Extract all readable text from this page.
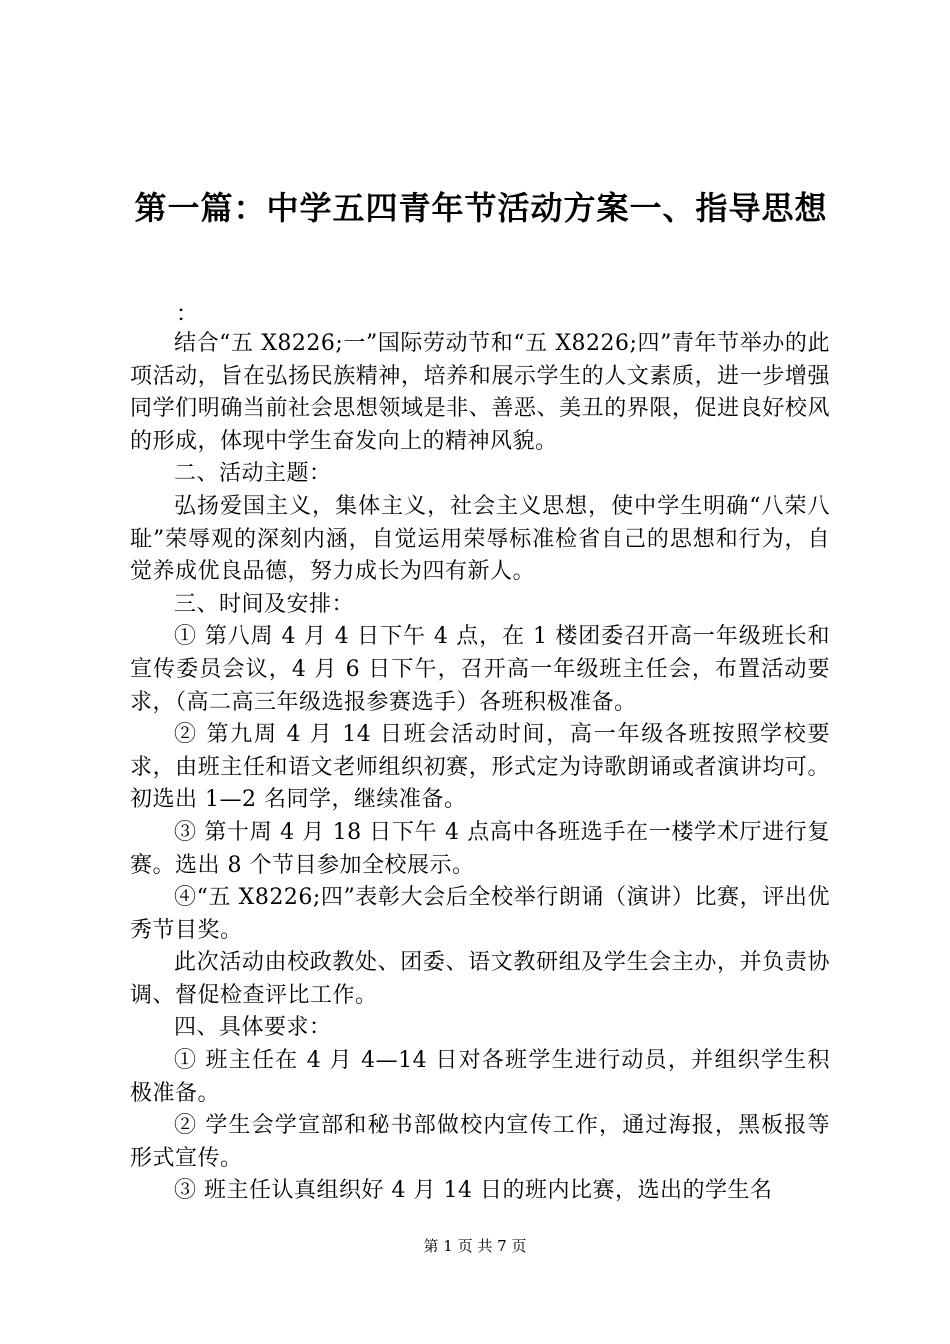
第一篇：中学五四青年节活动方案一、指导思想

：

结合“五 X8226;一”国际劳动节和“五 X8226;四”青年节举办的此项活动，旨在弘扬民族精神，培养和展示学生的人文素质，进一步增强同学们明确当前社会思想领域是非、善恶、美丑的界限，促进良好校风的形成，体现中学生奋发向上的精神风貌。

二、活动主题：

弘扬爱国主义，集体主义，社会主义思想，使中学生明确“八荣八耻”荣辱观的深刻内涵，自觉运用荣辱标准检省自己的思想和行为，自觉养成优良品德，努力成长为四有新人。

三、时间及安排：

① 第八周 4 月 4 日下午 4 点，在 1 楼团委召开高一年级班长和宣传委员会议，4 月 6 日下午，召开高一年级班主任会，布置活动要求，（高二高三年级选报参赛选手）各班积极准备。

② 第九周 4 月 14 日班会活动时间，高一年级各班按照学校要求，由班主任和语文老师组织初赛，形式定为诗歌朗诵或者演讲均可。初选出 1—2 名同学，继续准备。

③ 第十周 4 月 18 日下午 4 点高中各班选手在一楼学术厅进行复赛。选出 8 个节目参加全校展示。

④“五 X8226;四”表彰大会后全校举行朗诵（演讲）比赛，评出优秀节目奖。

此次活动由校政教处、团委、语文教研组及学生会主办，并负责协调、督促检查评比工作。

四、具体要求：

① 班主任在 4 月 4—14 日对各班学生进行动员，并组织学生积极准备。

② 学生会学宣部和秘书部做校内宣传工作，通过海报，黑板报等形式宣传。

③ 班主任认真组织好 4 月 14 日的班内比赛，选出的学生名

第 1 页 共 7 页
